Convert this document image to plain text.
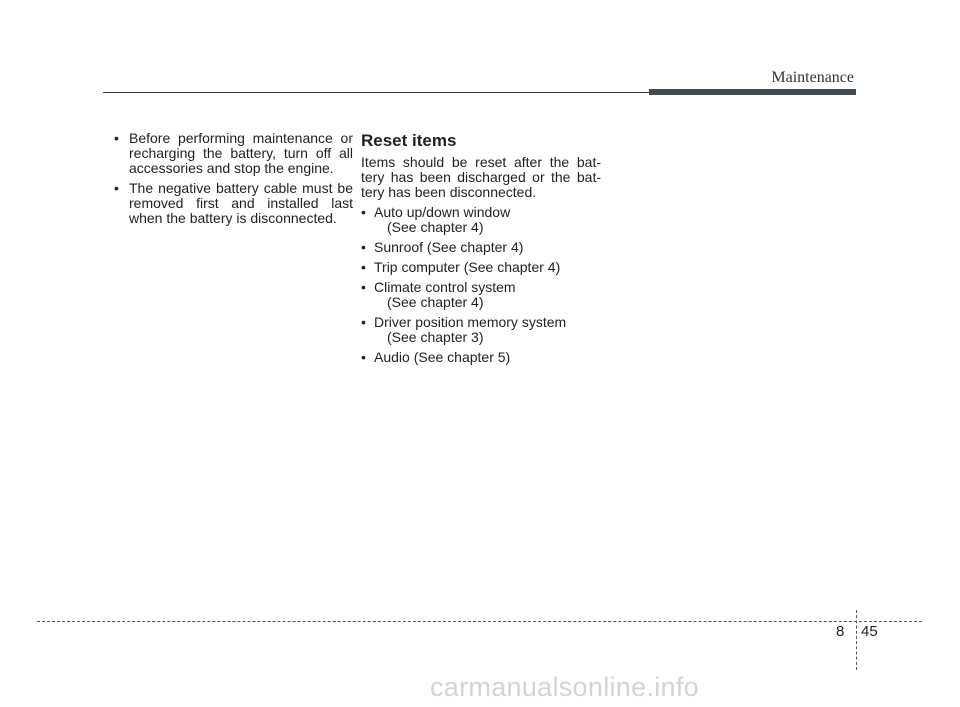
Maintenance
• Before performing maintenance or
recharging the battery, turn off all
accessories and stop the engine.
• The negative battery cable must be
removed first and installed last
when the battery is disconnected.
Reset items
Items should be reset after the bat-
tery has been discharged or the bat-
tery has been disconnected.
• Auto up/down window
(See chapter 4)
• Sunroof (See chapter 4)
• Trip computer (See chapter 4)
• Climate control system
(See chapter 4)
• Driver position memory system
(See chapter 3)
• Audio (See chapter 5)
8 45
carmanualsonline.info
